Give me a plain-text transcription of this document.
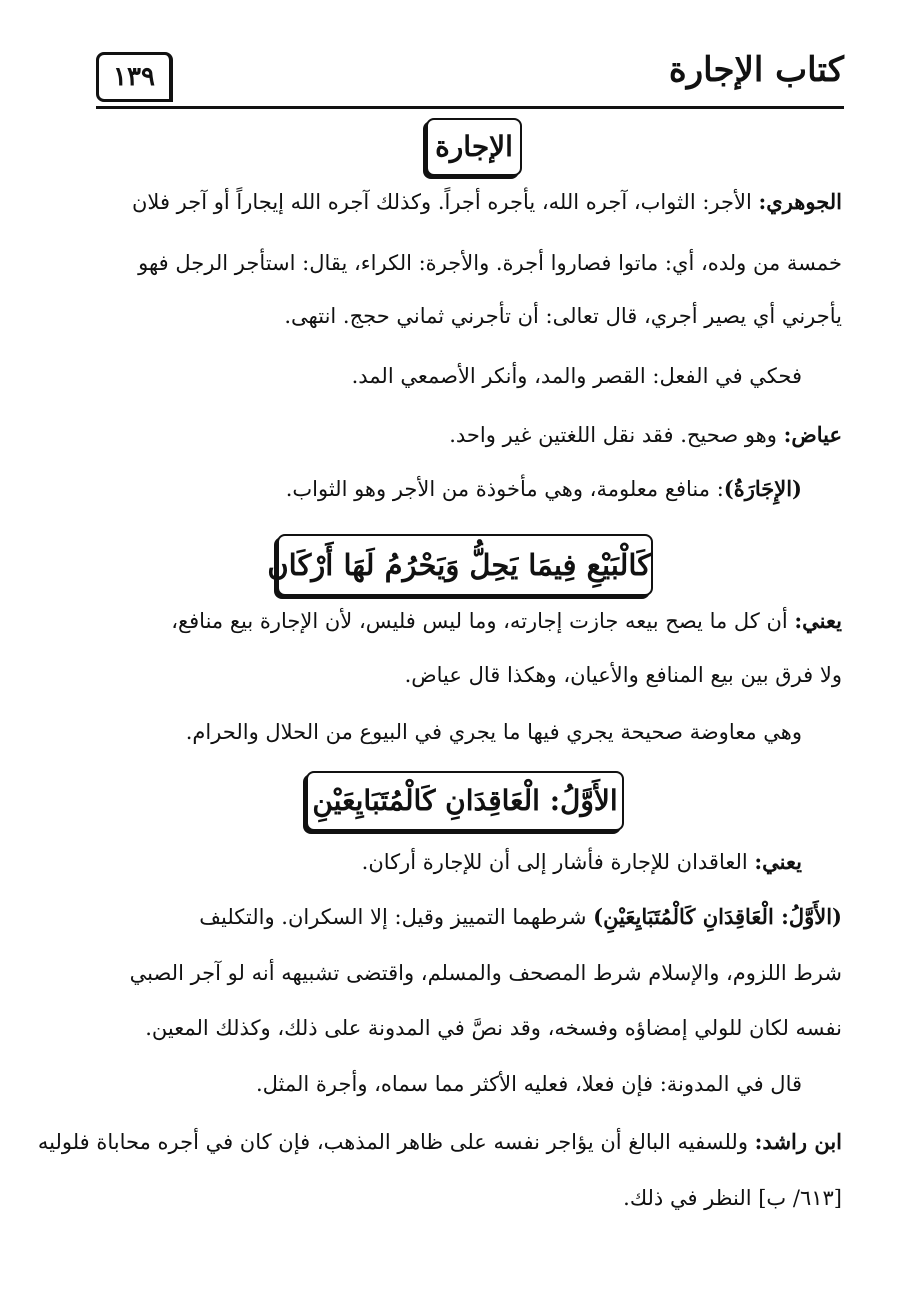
كتاب الإجارة
١٣٩
الإجارة
الجوهري: الأجر: الثواب، آجره الله، يأجره أجراً. وكذلك آجره الله إيجاراً أو آجر فلان
خمسة من ولده، أي: ماتوا فصاروا أجرة. والأجرة: الكراء، يقال: استأجر الرجل فهو
يأجرني أي يصير أجري، قال تعالى: أن تأجرني ثماني حجج. انتهى.
فحكي في الفعل: القصر والمد، وأنكر الأصمعي المد.
عياض: وهو صحيح. فقد نقل اللغتين غير واحد.
(الإِجَارَةُ): منافع معلومة، وهي مأخوذة من الأجر وهو الثواب.
كَالْبَيْعِ فِيمَا يَحِلُّ وَيَحْرُمُ لَهَا أَرْكَان
يعني: أن كل ما يصح بيعه جازت إجارته، وما ليس فليس، لأن الإجارة بيع منافع،
ولا فرق بين بيع المنافع والأعيان، وهكذا قال عياض.
وهي معاوضة صحيحة يجري فيها ما يجري في البيوع من الحلال والحرام.
الأَوَّلُ: الْعَاقِدَانِ كَالْمُتَبَايِعَيْنِ
يعني: العاقدان للإجارة فأشار إلى أن للإجارة أركان.
(الأَوَّلُ: الْعَاقِدَانِ كَالْمُتَبَايِعَيْنِ) شرطهما التمييز وقيل: إلا السكران. والتكليف
شرط اللزوم، والإسلام شرط المصحف والمسلم، واقتضى تشبيهه أنه لو آجر الصبي
نفسه لكان للولي إمضاؤه وفسخه، وقد نصَّ في المدونة على ذلك، وكذلك المعين.
قال في المدونة: فإن فعلا، فعليه الأكثر مما سماه، وأجرة المثل.
ابن راشد: وللسفيه البالغ أن يؤاجر نفسه على ظاهر المذهب، فإن كان في أجره محاباة فلوليه
[٦١٣/ ب] النظر في ذلك.
